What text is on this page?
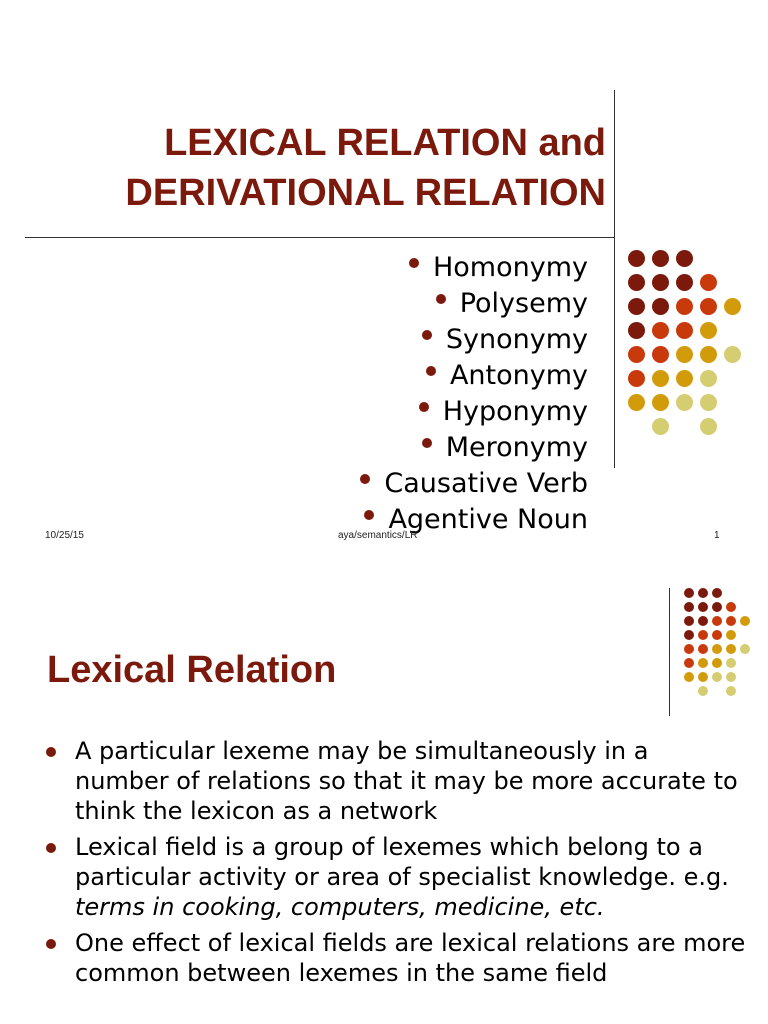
LEXICAL RELATION and
DERIVATIONAL RELATION
Homonymy
Polysemy
Synonymy
Antonymy
Hyponymy
Meronymy
Causative Verb
Agentive Noun
10/25/15	aya/semantics/LR	1
Lexical Relation
A particular lexeme may be simultaneously in a number of relations so that it may be more accurate to think the lexicon as a network
Lexical field is a group of lexemes which belong to a particular activity or area of specialist knowledge. e.g. terms in cooking, computers, medicine, etc.
One effect of lexical fields are lexical relations are more common between lexemes in the same field
